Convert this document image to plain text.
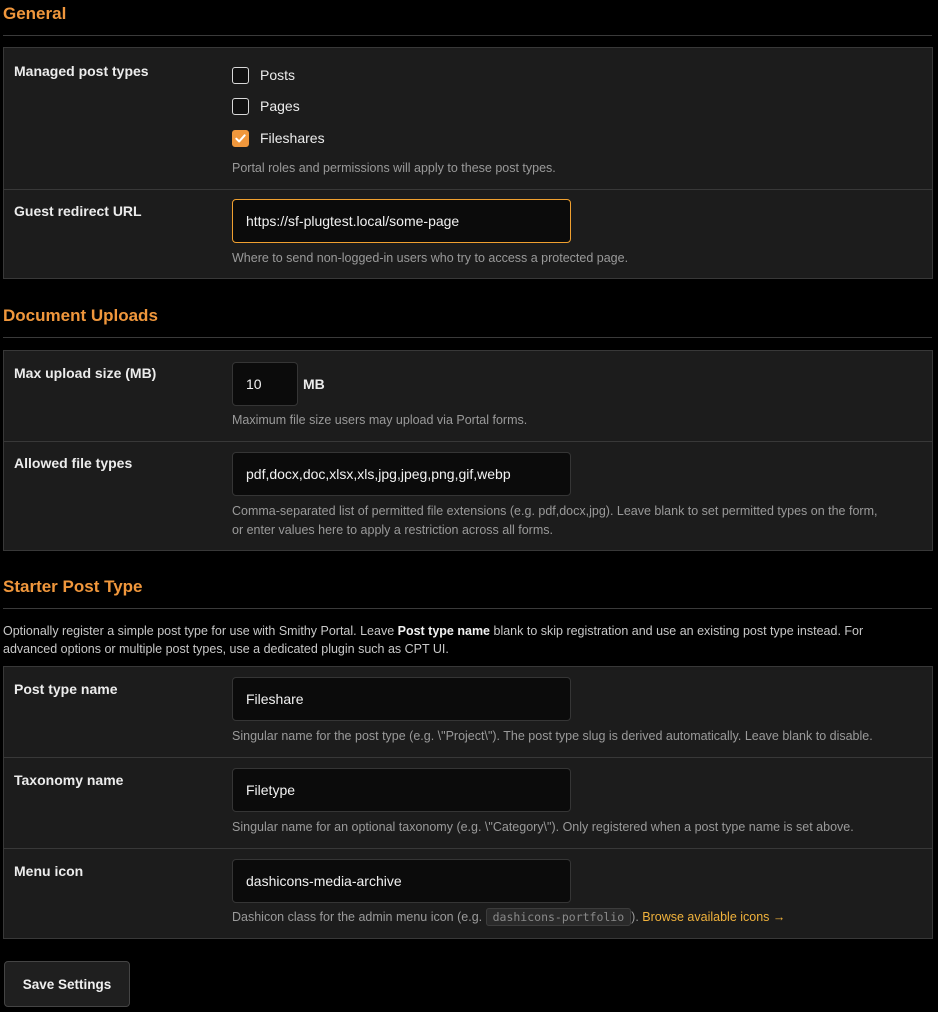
General
Managed post types	Posts
Pages
Fileshares
Portal roles and permissions will apply to these post types.
Guest redirect URL
https://sf-plugtest.local/some-page
Where to send non-logged-in users who try to access a protected page.
Document Uploads
Max upload size (MB)
10	MB
Maximum file size users may upload via Portal forms.
Allowed file types
pdf,docx,doc,xlsx,xls,jpg,jpeg,png,gif,webp
Comma-separated list of permitted file extensions (e.g. pdf,docx,jpg). Leave blank to set permitted types on the form,
or enter values here to apply a restriction across all forms.
Starter Post Type
Optionally register a simple post type for use with Smithy Portal. Leave Post type name blank to skip registration and use an existing post type instead. For
advanced options or multiple post types, use a dedicated plugin such as CPT UI.
Post type name
Fileshare
Singular name for the post type (e.g. \"Project\"). The post type slug is derived automatically. Leave blank to disable.
Taxonomy name
Filetype
Singular name for an optional taxonomy (e.g. \"Category\"). Only registered when a post type name is set above.
Menu icon
dashicons-media-archive
Dashicon class for the admin menu icon (e.g. dashicons-portfolio ). Browse available icons →
Save Settings
